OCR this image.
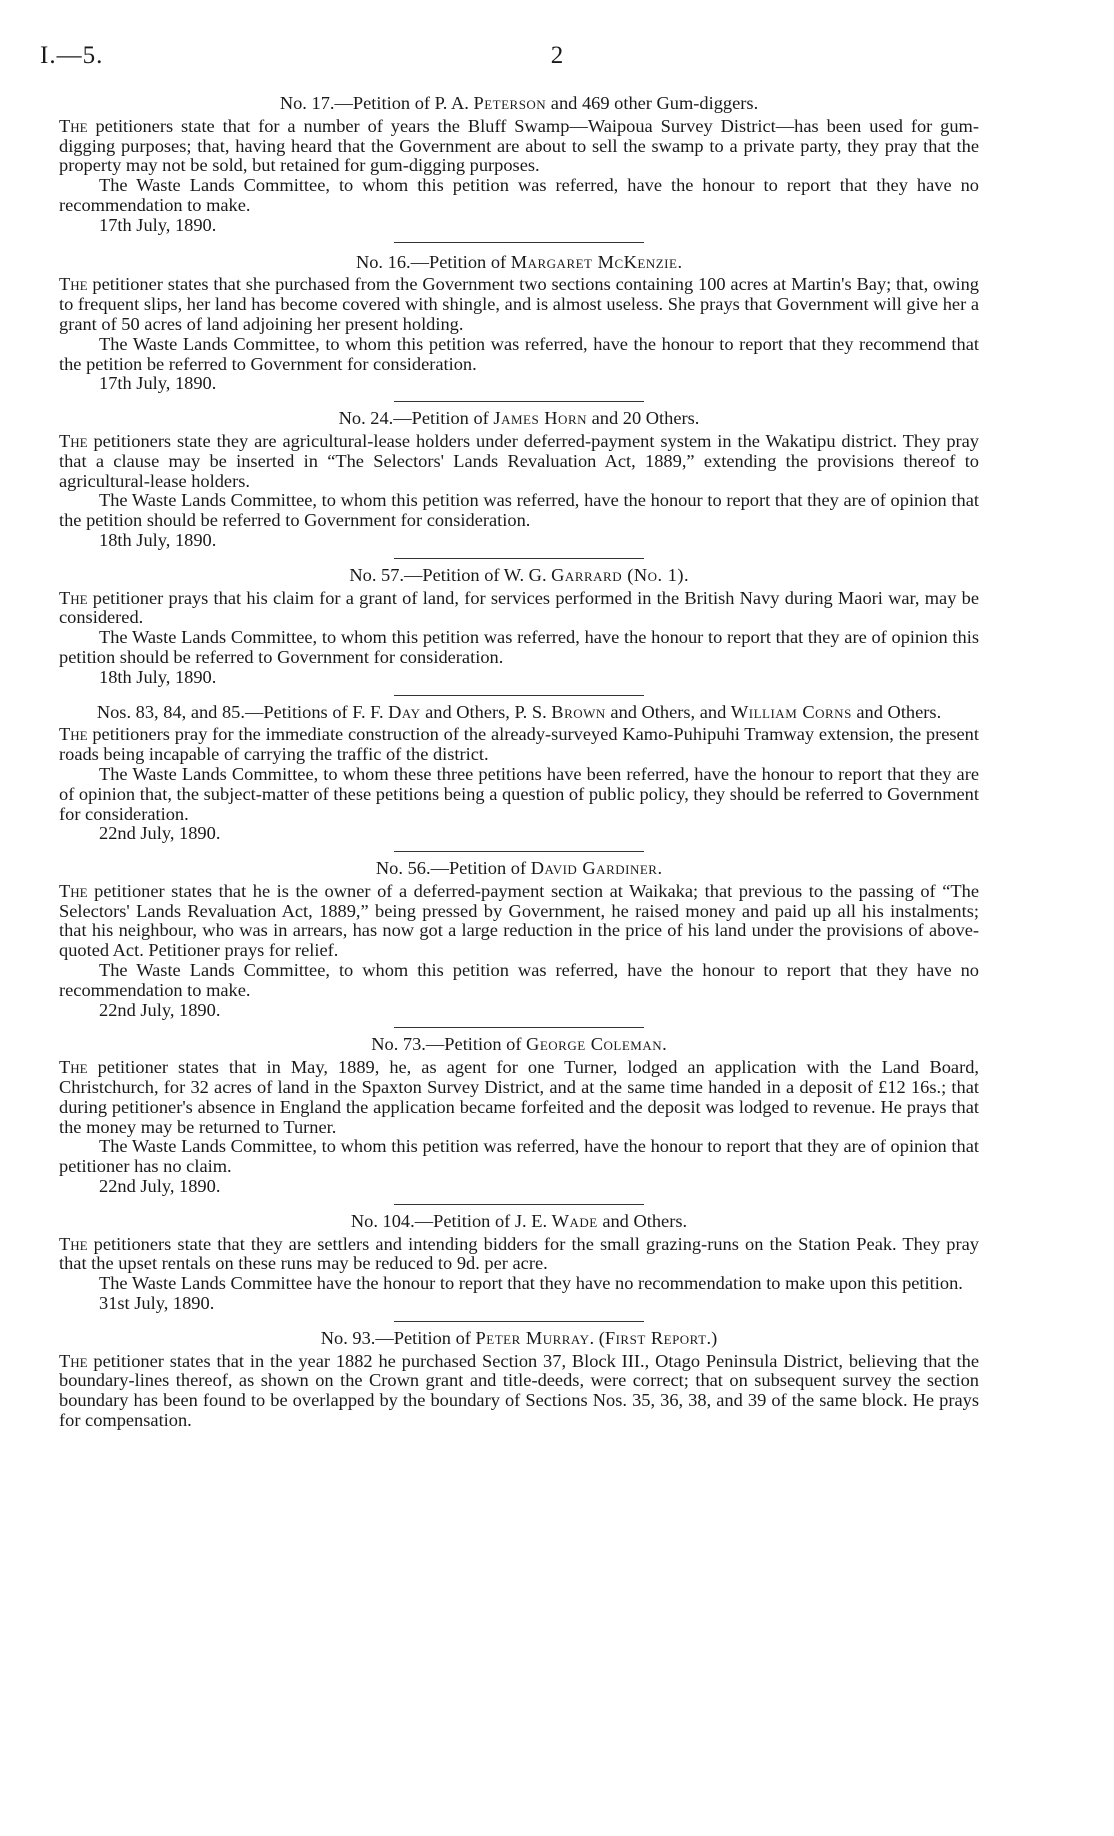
I.—5.	2
No. 17.—Petition of P. A. Peterson and 469 other Gum-diggers.

The petitioners state that for a number of years the Bluff Swamp—Waipoua Survey District—has been used for gum-digging purposes; that, having heard that the Government are about to sell the swamp to a private party, they pray that the property may not be sold, but retained for gum-digging purposes.

The Waste Lands Committee, to whom this petition was referred, have the honour to report that they have no recommendation to make.

17th July, 1890.
No. 16.—Petition of Margaret McKenzie.

The petitioner states that she purchased from the Government two sections containing 100 acres at Martin's Bay; that, owing to frequent slips, her land has become covered with shingle, and is almost useless. She prays that Government will give her a grant of 50 acres of land adjoining her present holding.

The Waste Lands Committee, to whom this petition was referred, have the honour to report that they recommend that the petition be referred to Government for consideration.

17th July, 1890.
No. 24.—Petition of James Horn and 20 Others.

The petitioners state they are agricultural-lease holders under deferred-payment system in the Wakatipu district. They pray that a clause may be inserted in “The Selectors' Lands Revaluation Act, 1889,” extending the provisions thereof to agricultural-lease holders.

The Waste Lands Committee, to whom this petition was referred, have the honour to report that they are of opinion that the petition should be referred to Government for consideration.

18th July, 1890.
No. 57.—Petition of W. G. Garrard (No. 1).

The petitioner prays that his claim for a grant of land, for services performed in the British Navy during Maori war, may be considered.

The Waste Lands Committee, to whom this petition was referred, have the honour to report that they are of opinion this petition should be referred to Government for consideration.

18th July, 1890.
Nos. 83, 84, and 85.—Petitions of F. F. Day and Others, P. S. Brown and Others, and William Corns and Others.

The petitioners pray for the immediate construction of the already-surveyed Kamo-Puhipuhi Tramway extension, the present roads being incapable of carrying the traffic of the district.

The Waste Lands Committee, to whom these three petitions have been referred, have the honour to report that they are of opinion that, the subject-matter of these petitions being a question of public policy, they should be referred to Government for consideration.

22nd July, 1890.
No. 56.—Petition of David Gardiner.

The petitioner states that he is the owner of a deferred-payment section at Waikaka; that previous to the passing of “The Selectors' Lands Revaluation Act, 1889,” being pressed by Government, he raised money and paid up all his instalments; that his neighbour, who was in arrears, has now got a large reduction in the price of his land under the provisions of above-quoted Act. Petitioner prays for relief.

The Waste Lands Committee, to whom this petition was referred, have the honour to report that they have no recommendation to make.

22nd July, 1890.
No. 73.—Petition of George Coleman.

The petitioner states that in May, 1889, he, as agent for one Turner, lodged an application with the Land Board, Christchurch, for 32 acres of land in the Spaxton Survey District, and at the same time handed in a deposit of £12 16s.; that during petitioner's absence in England the application became forfeited and the deposit was lodged to revenue. He prays that the money may be returned to Turner.

The Waste Lands Committee, to whom this petition was referred, have the honour to report that they are of opinion that petitioner has no claim.

22nd July, 1890.
No. 104.—Petition of J. E. Wade and Others.

The petitioners state that they are settlers and intending bidders for the small grazing-runs on the Station Peak. They pray that the upset rentals on these runs may be reduced to 9d. per acre.

The Waste Lands Committee have the honour to report that they have no recommendation to make upon this petition.

31st July, 1890.
No. 93.—Petition of Peter Murray. (First Report.)

The petitioner states that in the year 1882 he purchased Section 37, Block III., Otago Peninsula District, believing that the boundary-lines thereof, as shown on the Crown grant and title-deeds, were correct; that on subsequent survey the section boundary has been found to be overlapped by the boundary of Sections Nos. 35, 36, 38, and 39 of the same block. He prays for compensation.
